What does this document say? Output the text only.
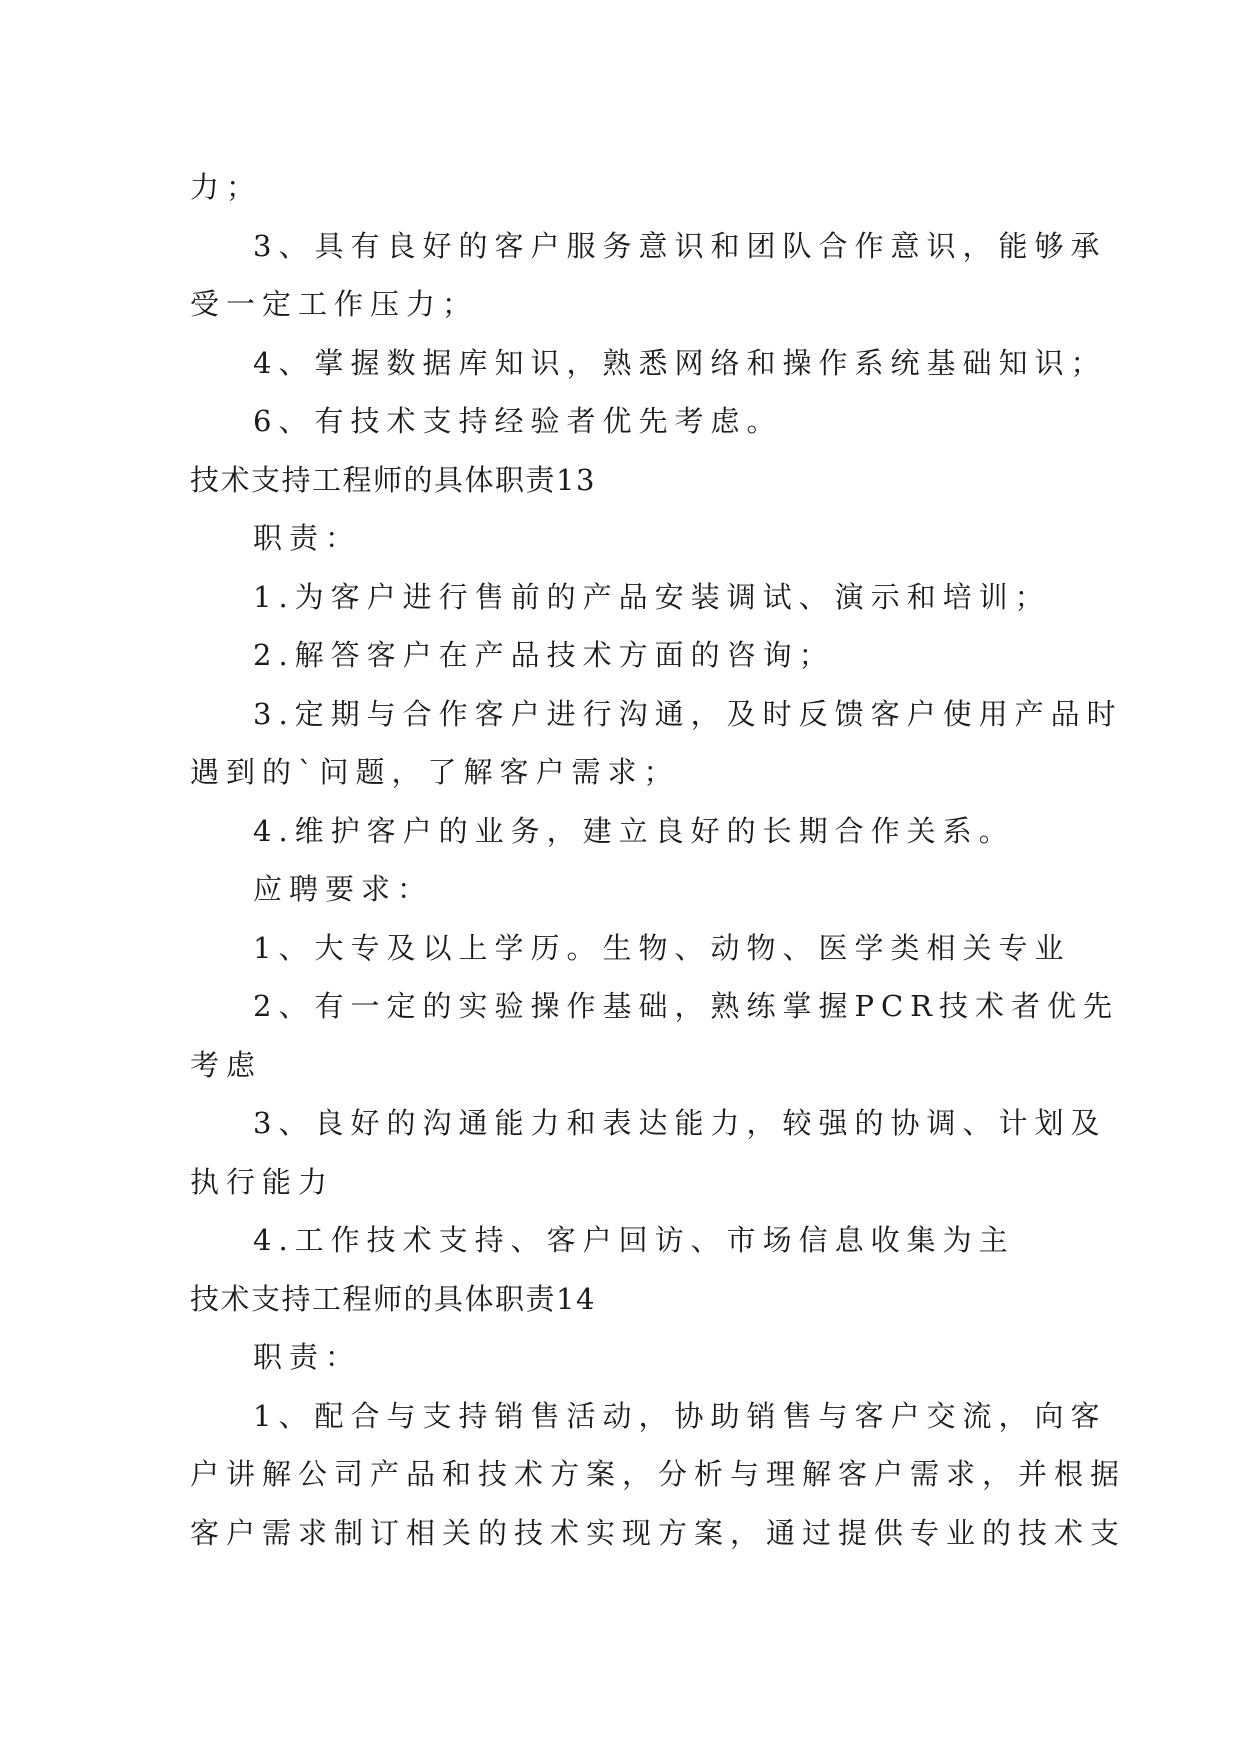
力；
3、具有良好的客户服务意识和团队合作意识，能够承
受一定工作压力；
4、掌握数据库知识，熟悉网络和操作系统基础知识；
6、有技术支持经验者优先考虑。
技术支持工程师的具体职责13
职责：
1.为客户进行售前的产品安装调试、演示和培训；
2.解答客户在产品技术方面的咨询；
3.定期与合作客户进行沟通，及时反馈客户使用产品时
遇到的`问题，了解客户需求；
4.维护客户的业务，建立良好的长期合作关系。
应聘要求：
1、大专及以上学历。生物、动物、医学类相关专业
2、有一定的实验操作基础，熟练掌握PCR技术者优先
考虑
3、良好的沟通能力和表达能力，较强的协调、计划及
执行能力
4.工作技术支持、客户回访、市场信息收集为主
技术支持工程师的具体职责14
职责：
1、配合与支持销售活动，协助销售与客户交流，向客
户讲解公司产品和技术方案，分析与理解客户需求，并根据
客户需求制订相关的技术实现方案，通过提供专业的技术支
